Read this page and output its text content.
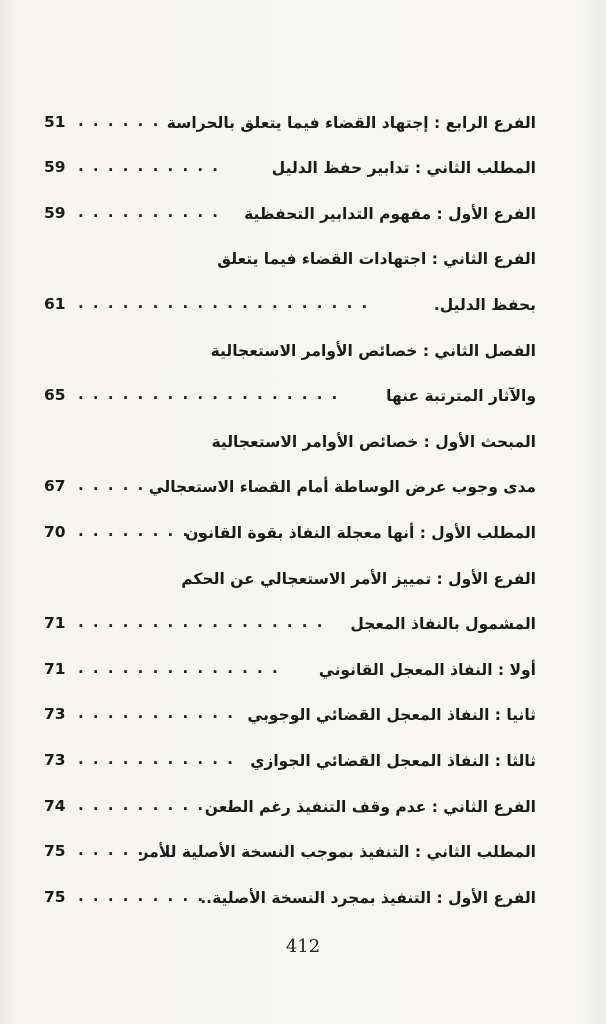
الفرع الرابع : إجتهاد القضاء فيما يتعلق بالحراسة
. . . . . .
51
المطلب الثاني : تدابير حفظ الدليل
. . . . . . . . . .
59
الفرع الأول : مفهوم التدابير التحفظية
. . . . . . . . . .
59
الفرع الثاني : اجتهادات القضاء فيما يتعلق
بحفظ الدليل.
. . . . . . . . . . . . . . . . . . . .
61
الفصل الثاني : خصائص الأوامر الاستعجالية
والآثار المترتبة عنها
. . . . . . . . . . . . . . . . . .
65
المبحث الأول : خصائص الأوامر الاستعجالية
مدى وجوب عرض الوساطة أمام القضاء الاستعجالي
. . . . .
67
المطلب الأول : أنها معجلة النفاذ بقوة القانون
. . . . . . . . .
70
الفرع الأول : تمييز الأمر الاستعجالي عن الحكم
المشمول بالنفاذ المعجل
. . . . . . . . . . . . . . . . .
71
أولا : النفاذ المعجل القانوني
. . . . . . . . . . . . . .
71
ثانيا : النفاذ المعجل القضائي الوجوبي
. . . . . . . . . . .
73
ثالثا : النفاذ المعجل القضائي الجوازي
. . . . . . . . . . .
73
الفرع الثاني : عدم وقف التنفيذ رغم الطعن
. . . . . . . . . . .
74
المطلب الثاني : التنفيذ بموجب النسخة الأصلية للأمر
. . . . .
75
الفرع الأول : التنفيذ بمجرد النسخة الأصلية..
. . . . . . . . .
75
412
